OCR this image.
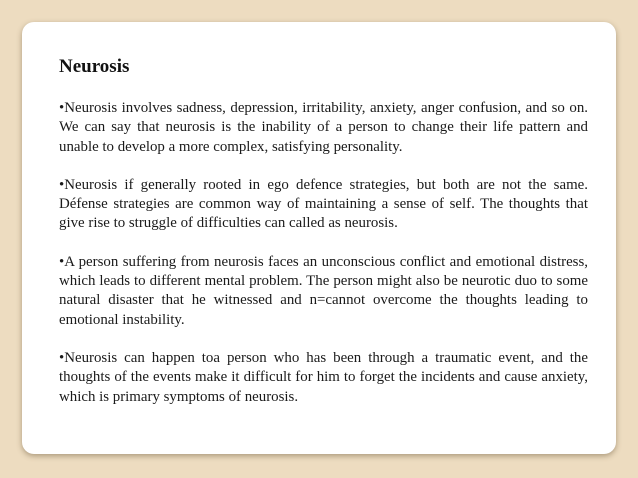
Neurosis

•Neurosis involves sadness, depression, irritability, anxiety, anger confusion, and so on. We can say that neurosis is the inability of a person to change their life pattern and unable to develop a more complex, satisfying personality.

•Neurosis if generally rooted in ego defence strategies, but both are not the same. Défense strategies are common way of maintaining a sense of self. The thoughts that give rise to struggle of difficulties can called as neurosis.

•A person suffering from neurosis faces an unconscious conflict and emotional distress, which leads to different mental problem. The person might also be neurotic duo to some natural disaster that he witnessed and n=cannot overcome the thoughts leading to emotional instability.

•Neurosis can happen toa person who has been through a traumatic event, and the thoughts of the events make it difficult for him to forget the incidents and cause anxiety, which is primary symptoms of neurosis.
